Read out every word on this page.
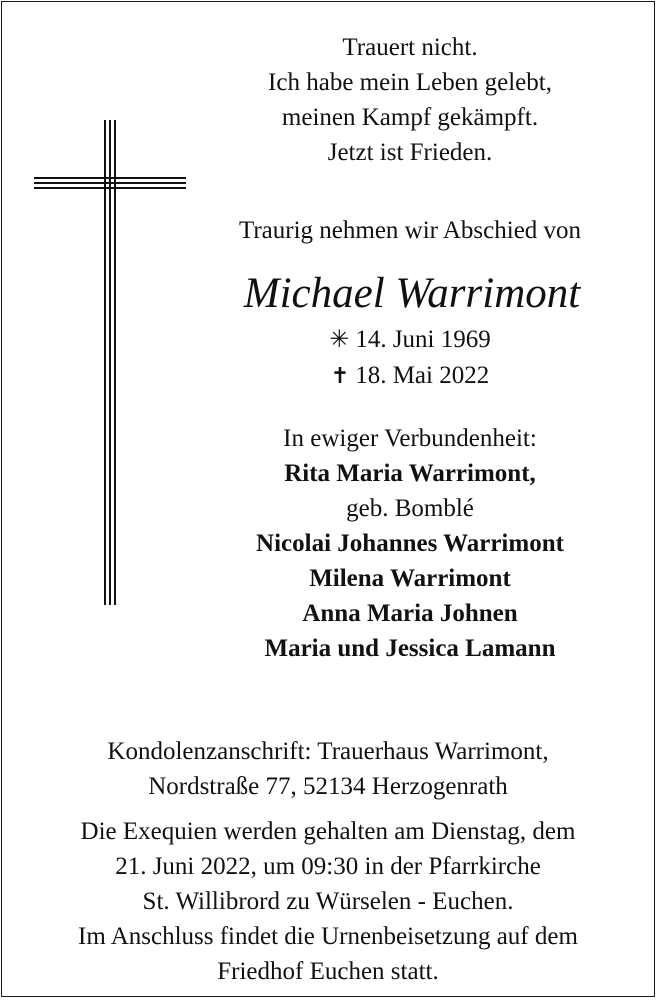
Trauert nicht.
Ich habe mein Leben gelebt,
meinen Kampf gekämpft.
Jetzt ist Frieden.
Traurig nehmen wir Abschied von
Michael Warrimont
✳ 14. Juni 1969
✝ 18. Mai 2022
In ewiger Verbundenheit:
Rita Maria Warrimont,
geb. Bomblé
Nicolai Johannes Warrimont
Milena Warrimont
Anna Maria Johnen
Maria und Jessica Lamann

Kondolenzanschrift: Trauerhaus Warrimont,
Nordstraße 77, 52134 Herzogenrath

Die Exequien werden gehalten am Dienstag, dem
21. Juni 2022, um 09:30 in der Pfarrkirche
St. Willibrord zu Würselen - Euchen.
Im Anschluss findet die Urnenbeisetzung auf dem
Friedhof Euchen statt.
